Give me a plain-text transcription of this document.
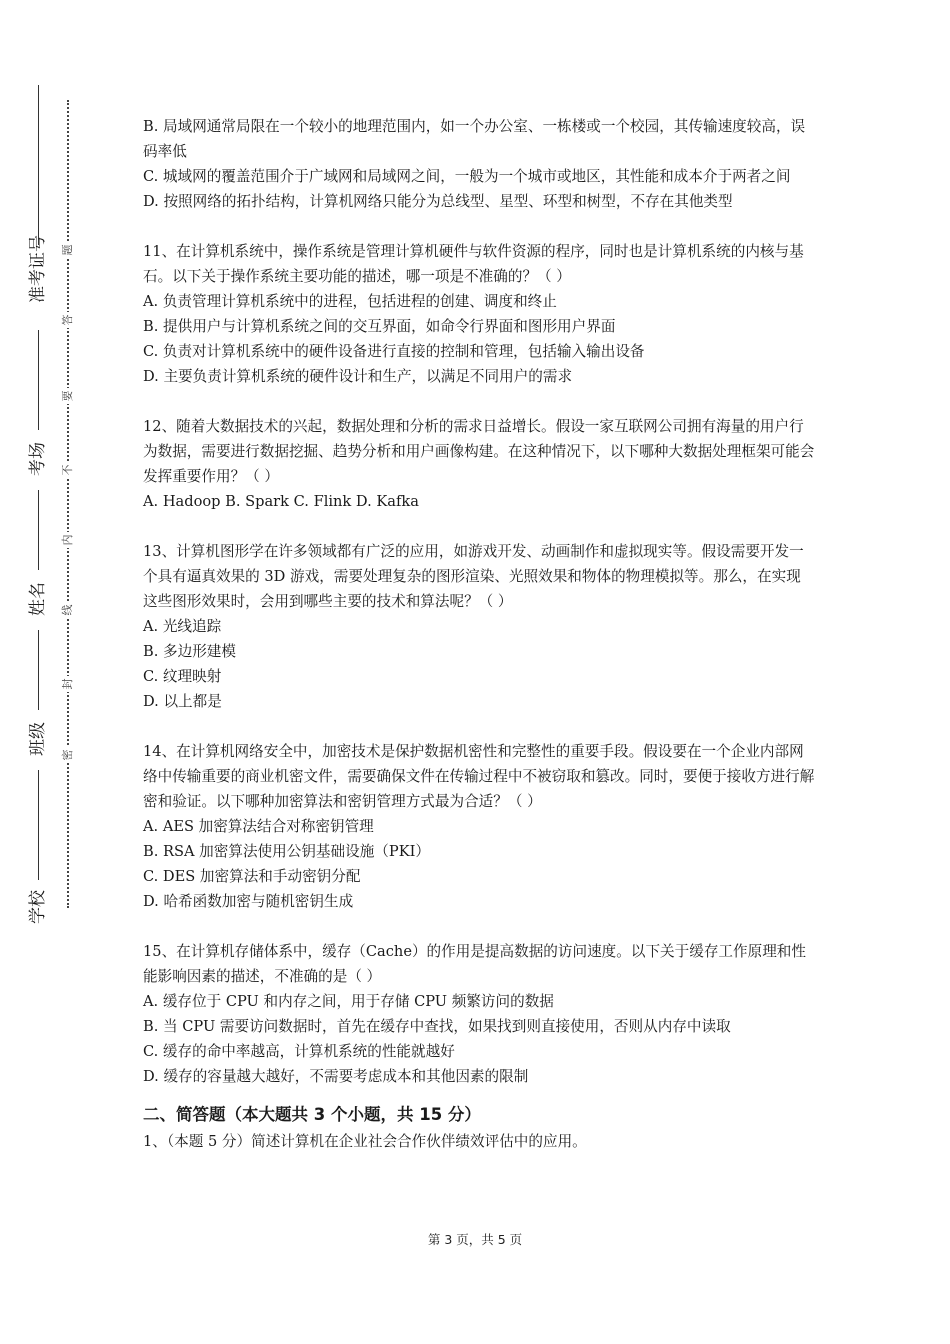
准考证号
考场
姓名
班级
学校
题
答
要
不
内
线
封
密

B. 局域网通常局限在一个较小的地理范围内，如一个办公室、一栋楼或一个校园，其传输速度较高，误码率低

C. 城域网的覆盖范围介于广域网和局域网之间，一般为一个城市或地区，其性能和成本介于两者之间

D. 按照网络的拓扑结构，计算机网络只能分为总线型、星型、环型和树型，不存在其他类型

11、在计算机系统中，操作系统是管理计算机硬件与软件资源的程序，同时也是计算机系统的内核与基石。以下关于操作系统主要功能的描述，哪一项是不准确的？（ ）

A. 负责管理计算机系统中的进程，包括进程的创建、调度和终止

B. 提供用户与计算机系统之间的交互界面，如命令行界面和图形用户界面

C. 负责对计算机系统中的硬件设备进行直接的控制和管理，包括输入输出设备

D. 主要负责计算机系统的硬件设计和生产，以满足不同用户的需求

12、随着大数据技术的兴起，数据处理和分析的需求日益增长。假设一家互联网公司拥有海量的用户行为数据，需要进行数据挖掘、趋势分析和用户画像构建。在这种情况下，以下哪种大数据处理框架可能会发挥重要作用？（ ）

A. Hadoop B. Spark C. Flink D. Kafka

13、计算机图形学在许多领域都有广泛的应用，如游戏开发、动画制作和虚拟现实等。假设需要开发一个具有逼真效果的 3D 游戏，需要处理复杂的图形渲染、光照效果和物体的物理模拟等。那么，在实现这些图形效果时，会用到哪些主要的技术和算法呢？（ ）

A. 光线追踪

B. 多边形建模

C. 纹理映射

D. 以上都是

14、在计算机网络安全中，加密技术是保护数据机密性和完整性的重要手段。假设要在一个企业内部网络中传输重要的商业机密文件，需要确保文件在传输过程中不被窃取和篡改。同时，要便于接收方进行解密和验证。以下哪种加密算法和密钥管理方式最为合适？（ ）

A. AES 加密算法结合对称密钥管理

B. RSA 加密算法使用公钥基础设施（PKI）

C. DES 加密算法和手动密钥分配

D. 哈希函数加密与随机密钥生成

15、在计算机存储体系中，缓存（Cache）的作用是提高数据的访问速度。以下关于缓存工作原理和性能影响因素的描述，不准确的是（ ）

A. 缓存位于 CPU 和内存之间，用于存储 CPU 频繁访问的数据

B. 当 CPU 需要访问数据时，首先在缓存中查找，如果找到则直接使用，否则从内存中读取

C. 缓存的命中率越高，计算机系统的性能就越好

D. 缓存的容量越大越好，不需要考虑成本和其他因素的限制

二、简答题（本大题共 3 个小题，共 15 分）

1、（本题 5 分）简述计算机在企业社会合作伙伴绩效评估中的应用。

第 3 页，共 5 页
